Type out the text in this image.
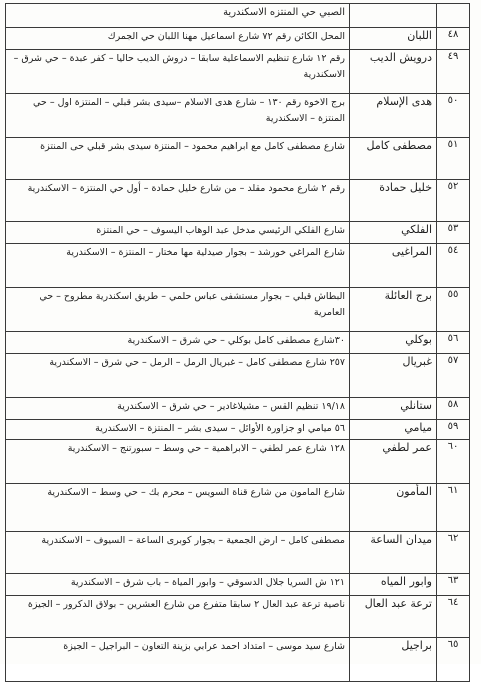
		الصبي حي المنتزه الاسكندرية
٤٨	اللبان	المحل الكائن رقم ٧٢ شارع اسماعيل مهنا اللبان حي الجمرك
٤٩	درويش الديب	رقم ١٢ شارع تنظيم الاسماعلية سابقا – دروش الديب حاليا – كفر عبدة – حي شرق – الاسكندرية
٥٠	هدى الإسلام	برج الاخوة رقم ١٣٠ – شارع هدى الاسلام –سيدى بشر قبلي – المنتزة اول – حي المنتزة – الاسكندرية
٥١	مصطفى كامل	شارع مصطفى كامل مع ابراهيم محمود – المنتزة سيدى بشر قبلي حى المنتزة
٥٢	خليل حمادة	رقم ٢ شارع محمود مقلد – من شارع خليل حمادة – أول حي المنتزة – الاسكندرية
٥٣	الفلكي	شارع الفلكي الرئيسي مدخل عبد الوهاب اليسوف – حي المنتزة
٥٤	المراغيى	شارع المراغي خورشد – بجوار صيدلية مها مختار – المنتزة – الاسكندرية
٥٥	برج العائلة	البطاش قبلي – بجوار مستشفى عباس حلمي – طريق اسكندرية مطروح – حي العامرية
٥٦	بوكلي	٣٠شارع مصطفى كامل بوكلي – حي شرق – الاسكندرية
٥٧	غبريال	٢٥٧ شارع مصطفى كامل – غبريال الرمل – الرمل – حي شرق – الاسكندرية
٥٨	ستانلي	١٩/١٨ تنظيم القس – مشيلاغادير – حي شرق – الاسكندرية
٥٩	ميامي	٥٦ ميامي او جزاورة الأوائل – سيدى بشر – المنتزة – الاسكندرية
٦٠	عمر لطفي	١٢٨ شارع عمر لطفي – الابراهمية – حي وسط – سبورتنج – الاسكندرية
٦١	المأمون	شارع المامون من شارع قناة السويس – محرم بك – حي وسط – الاسكندرية
٦٢	ميدان الساعة	مصطفى كامل – ارض الجمعية – بجوار كوبرى الساعة – السيوف – الاسكندرية
٦٣	وابور المياه	١٢١ ش السريا جلال الدسوقي – وابور المياة – باب شرق – الاسكندرية
٦٤	ترعة عبد العال	ناصية ترعة عبد العال ٢ سابقا متفرع من شارع العشرين – بولاق الدكرور – الجيزة
٦٥	براجيل	شارع سيد موسى – امتداد احمد عرابي بزينة التعاون – البراجيل – الجيزة
